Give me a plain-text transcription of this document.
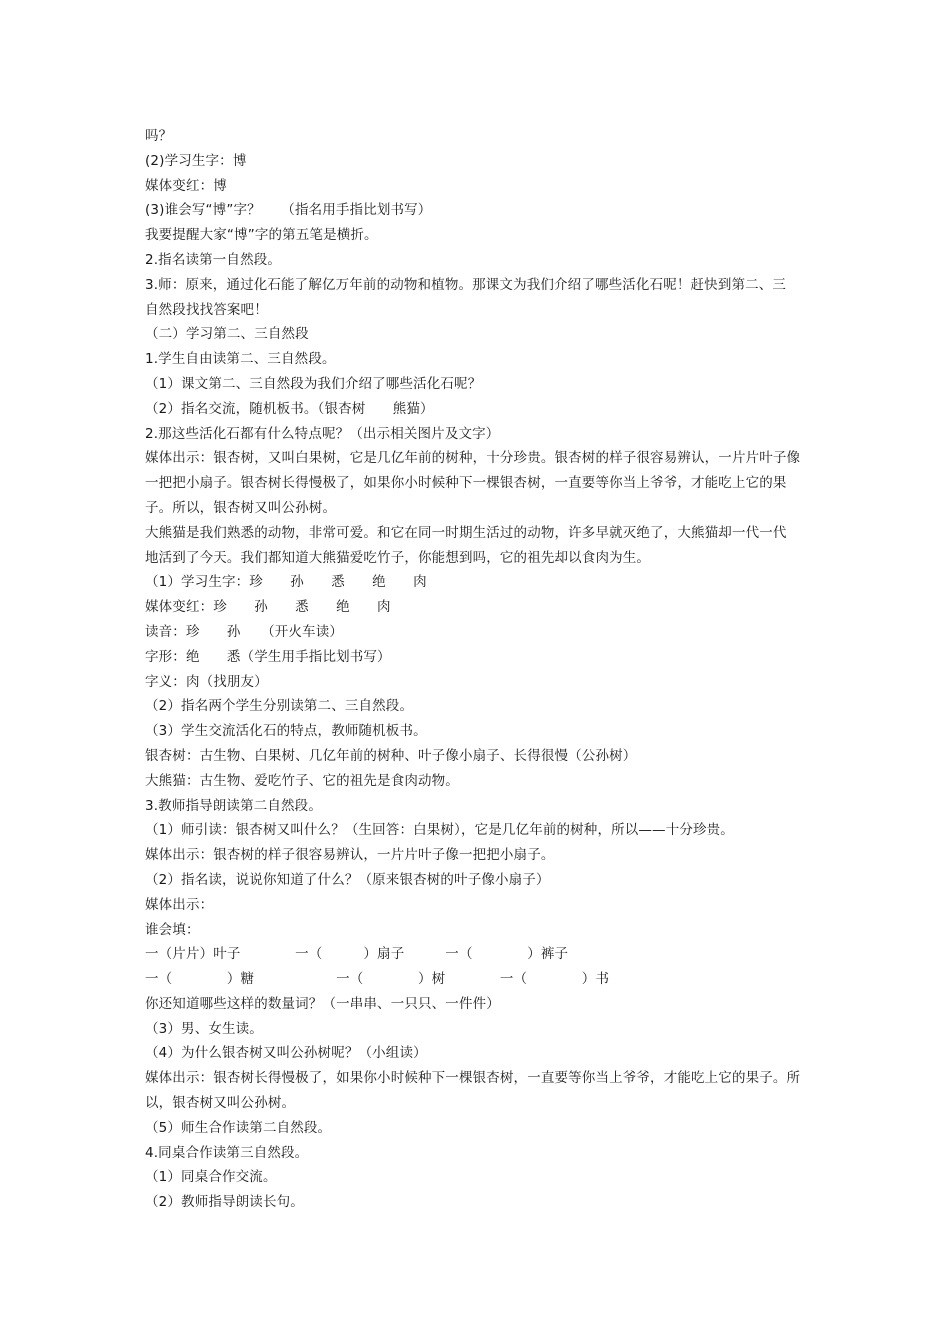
吗？
(2)学习生字：博
媒体变红：博
(3)谁会写“博”字？　　（指名用手指比划书写）
我要提醒大家“博”字的第五笔是横折。
2.指名读第一自然段。
3.师：原来，通过化石能了解亿万年前的动物和植物。那课文为我们介绍了哪些活化石呢！赶快到第二、三
自然段找找答案吧！
（二）学习第二、三自然段
1.学生自由读第二、三自然段。
（1）课文第二、三自然段为我们介绍了哪些活化石呢？
（2）指名交流，随机板书。（银杏树　　熊猫）
2.那这些活化石都有什么特点呢？（出示相关图片及文字）
媒体出示：银杏树，又叫白果树，它是几亿年前的树种，十分珍贵。银杏树的样子很容易辨认，一片片叶子像
一把把小扇子。银杏树长得慢极了，如果你小时候种下一棵银杏树，一直要等你当上爷爷，才能吃上它的果
子。所以，银杏树又叫公孙树。
大熊猫是我们熟悉的动物，非常可爱。和它在同一时期生活过的动物，许多早就灭绝了，大熊猫却一代一代
地活到了今天。我们都知道大熊猫爱吃竹子，你能想到吗，它的祖先却以食肉为生。
（1）学习生字：珍　　孙　　悉　　绝　　肉
媒体变红：珍　　孙　　悉　　绝　　肉
读音：珍　　孙　　（开火车读）
字形：绝　　悉（学生用手指比划书写）
字义：肉（找朋友）
（2）指名两个学生分别读第二、三自然段。
（3）学生交流活化石的特点，教师随机板书。
银杏树：古生物、白果树、几亿年前的树种、叶子像小扇子、长得很慢（公孙树）
大熊猫：古生物、爱吃竹子、它的祖先是食肉动物。
3.教师指导朗读第二自然段。
（1）师引读：银杏树又叫什么？（生回答：白果树），它是几亿年前的树种，所以——十分珍贵。
媒体出示：银杏树的样子很容易辨认，一片片叶子像一把把小扇子。
（2）指名读，说说你知道了什么？（原来银杏树的叶子像小扇子）
媒体出示：
谁会填：
一（片片）叶子　　　　一（　　　）扇子　　　一（　　　　）裤子
一（　　　　）糖　　　　　　一（　　　　）树　　　　一（　　　　）书
你还知道哪些这样的数量词？（一串串、一只只、一件件）
（3）男、女生读。
（4）为什么银杏树又叫公孙树呢？（小组读）
媒体出示：银杏树长得慢极了，如果你小时候种下一棵银杏树，一直要等你当上爷爷，才能吃上它的果子。所
以，银杏树又叫公孙树。
（5）师生合作读第二自然段。
4.同桌合作读第三自然段。
（1）同桌合作交流。
（2）教师指导朗读长句。
